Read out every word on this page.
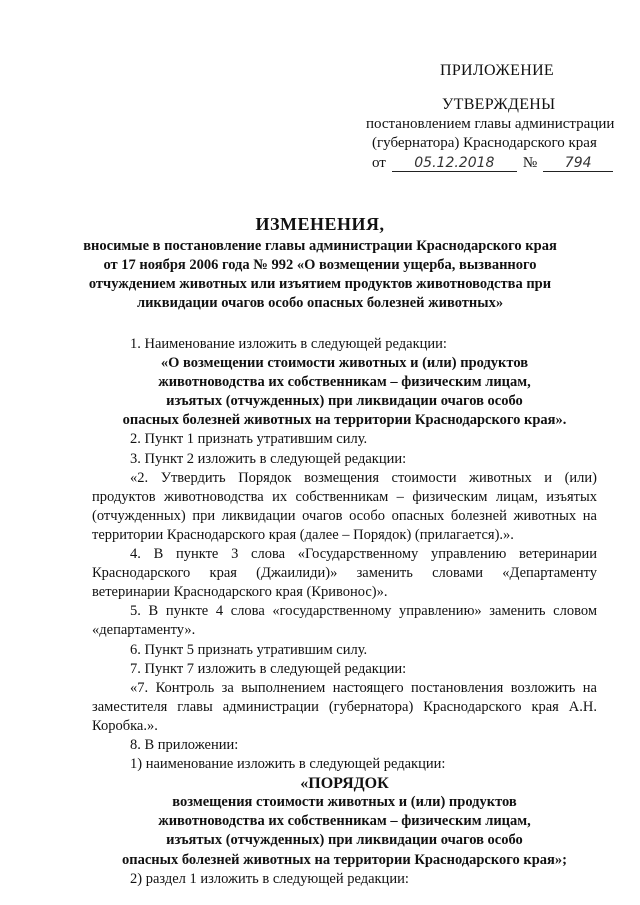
ПРИЛОЖЕНИЕ
УТВЕРЖДЕНЫ
постановлением главы администрации
(губернатора) Краснодарского края
от	05.12.2018	№	794
ИЗМЕНЕНИЯ,
вносимые в постановление главы администрации Краснодарского края
от 17 ноября 2006 года № 992 «О возмещении ущерба, вызванного
отчуждением животных или изъятием продуктов животноводства при
ликвидации очагов особо опасных болезней животных»

1. Наименование изложить в следующей редакции:

«О возмещении стоимости животных и (или) продуктов
животноводства их собственникам – физическим лицам,
изъятых (отчужденных) при ликвидации очагов особо
опасных болезней животных на территории Краснодарского края».

2. Пункт 1 признать утратившим силу.

3. Пункт 2 изложить в следующей редакции:

«2. Утвердить Порядок возмещения стоимости животных и (или) продуктов животноводства их собственникам – физическим лицам, изъятых (отчужденных) при ликвидации очагов особо опасных болезней животных на территории Краснодарского края (далее – Порядок) (прилагается).».

4. В пункте 3 слова «Государственному управлению ветеринарии Краснодарского края (Джаилиди)» заменить словами «Департаменту ветеринарии Краснодарского края (Кривонос)».

5. В пункте 4 слова «государственному управлению» заменить словом «департаменту».

6. Пункт 5 признать утратившим силу.

7. Пункт 7 изложить в следующей редакции:

«7. Контроль за выполнением настоящего постановления возложить на заместителя главы администрации (губернатора) Краснодарского края А.Н. Коробка.».

8. В приложении:

1) наименование изложить в следующей редакции:

«ПОРЯДОК
возмещения стоимости животных и (или) продуктов
животноводства их собственникам – физическим лицам,
изъятых (отчужденных) при ликвидации очагов особо
опасных болезней животных на территории Краснодарского края»;

2) раздел 1 изложить в следующей редакции:
